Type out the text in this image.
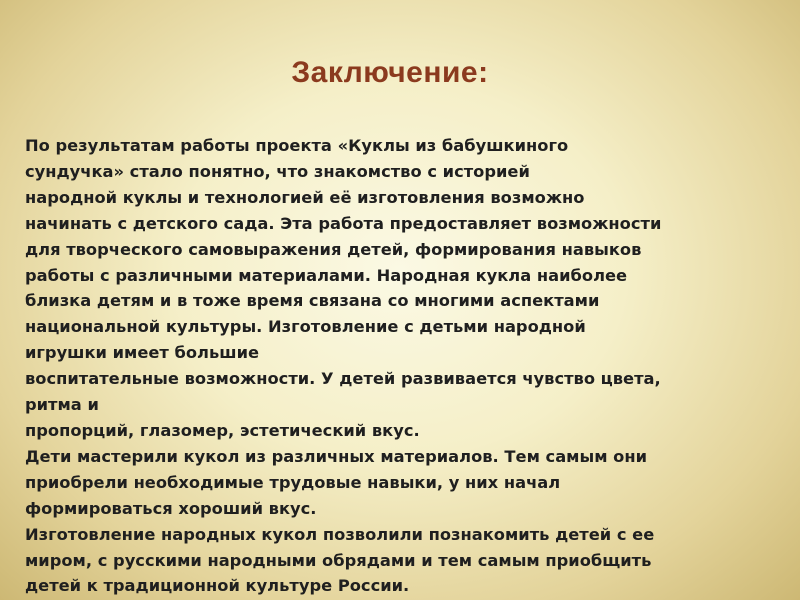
Заключение:
По результатам работы проекта «Куклы из бабушкиного
сундучка» стало понятно, что знакомство с историей
народной куклы и технологией её изготовления возможно
начинать с детского сада. Эта работа предоставляет возможности
для творческого самовыражения детей, формирования навыков
работы с различными материалами. Народная кукла наиболее
близка детям и в тоже время связана со многими аспектами
национальной культуры. Изготовление с детьми народной
игрушки имеет большие
воспитательные возможности. У детей развивается чувство цвета,
ритма и
пропорций, глазомер, эстетический вкус.
Дети мастерили кукол из различных материалов. Тем самым они
приобрели необходимые трудовые навыки, у них начал
формироваться хороший вкус.
Изготовление народных кукол позволили познакомить детей с ее
миром, с русскими народными обрядами и тем самым приобщить
детей к традиционной культуре России.
